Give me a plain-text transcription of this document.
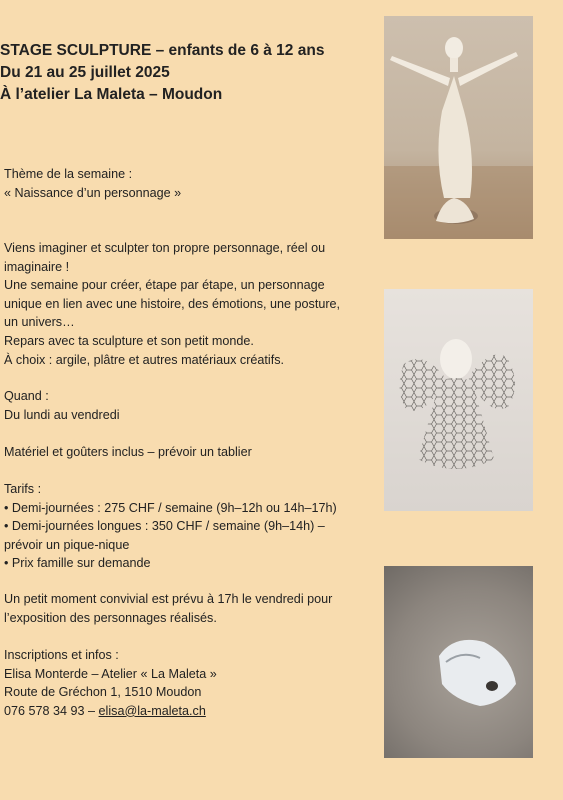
STAGE SCULPTURE – enfants de 6 à 12 ans
Du 21 au 25 juillet 2025
À l’atelier La Maleta – Moudon
Thème de la semaine :
« Naissance d’un personnage »
Viens imaginer et sculpter ton propre personnage, réel ou
imaginaire !
Une semaine pour créer, étape par étape, un personnage
unique en lien avec une histoire, des émotions, une posture,
un univers…
Repars avec ta sculpture et son petit monde.
À choix : argile, plâtre et autres matériaux créatifs.
Quand :
Du lundi au vendredi
Matériel et goûters inclus – prévoir un tablier
Tarifs :
• Demi-journées : 275 CHF / semaine (9h–12h ou 14h–17h)
• Demi-journées longues : 350 CHF / semaine (9h–14h) –
prévoir un pique-nique
• Prix famille sur demande
Un petit moment convivial est prévu à 17h le vendredi pour
l’exposition des personnages réalisés.
Inscriptions et infos :
Elisa Monterde – Atelier « La Maleta »
Route de Gréchon 1, 1510 Moudon
076 578 34 93 – elisa@la-maleta.ch
